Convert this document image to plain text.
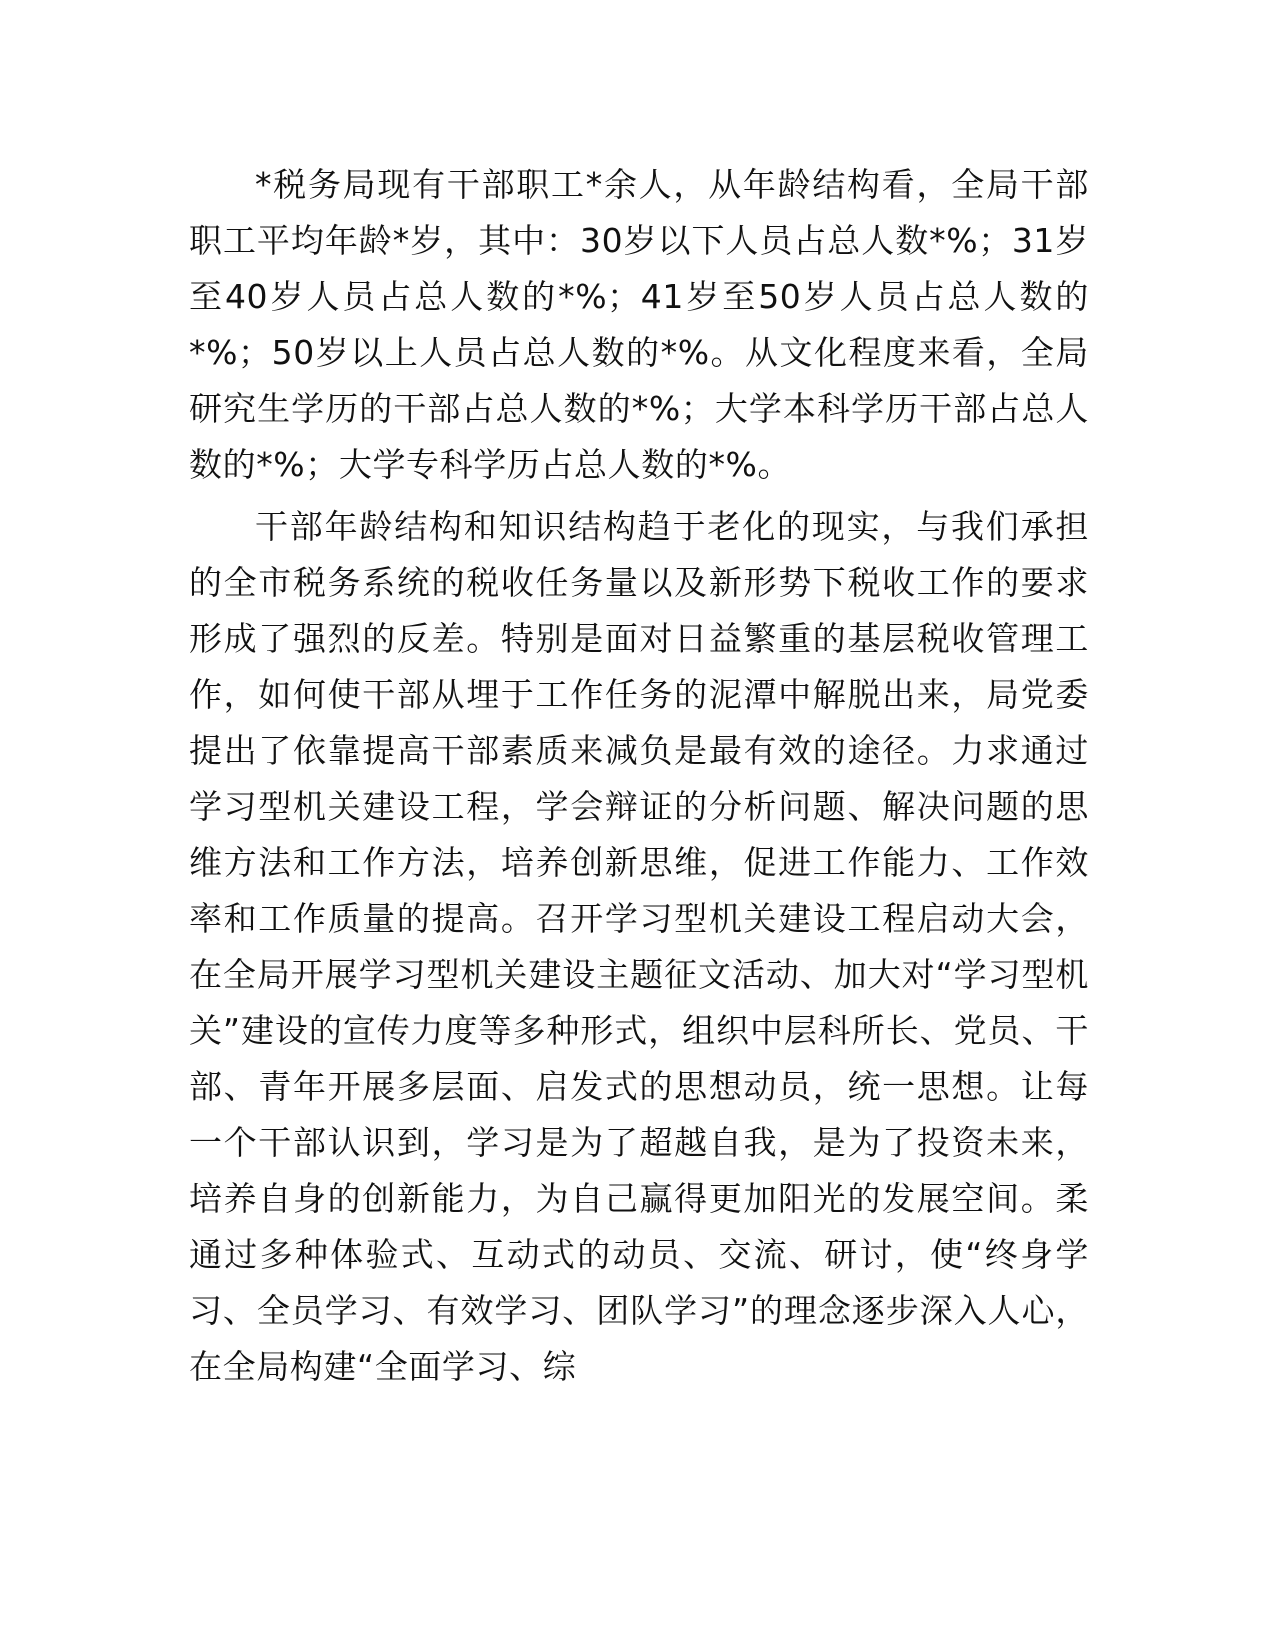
*税务局现有干部职工*余人，从年龄结构看，全局干部职工平均年龄*岁，其中：30岁以下人员占总人数*%；31岁至40岁人员占总人数的*%；41岁至50岁人员占总人数的*%；50岁以上人员占总人数的*%。从文化程度来看，全局研究生学历的干部占总人数的*%；大学本科学历干部占总人数的*%；大学专科学历占总人数的*%。

干部年龄结构和知识结构趋于老化的现实，与我们承担的全市税务系统的税收任务量以及新形势下税收工作的要求形成了强烈的反差。特别是面对日益繁重的基层税收管理工作，如何使干部从埋于工作任务的泥潭中解脱出来，局党委提出了依靠提高干部素质来减负是最有效的途径。力求通过学习型机关建设工程，学会辩证的分析问题、解决问题的思维方法和工作方法，培养创新思维，促进工作能力、工作效率和工作质量的提高。召开学习型机关建设工程启动大会，在全局开展学习型机关建设主题征文活动、加大对“学习型机关”建设的宣传力度等多种形式，组织中层科所长、党员、干部、青年开展多层面、启发式的思想动员，统一思想。让每一个干部认识到，学习是为了超越自我，是为了投资未来，培养自身的创新能力，为自己赢得更加阳光的发展空间。柔通过多种体验式、互动式的动员、交流、研讨，使“终身学习、全员学习、有效学习、团队学习”的理念逐步深入人心，在全局构建“全面学习、综
